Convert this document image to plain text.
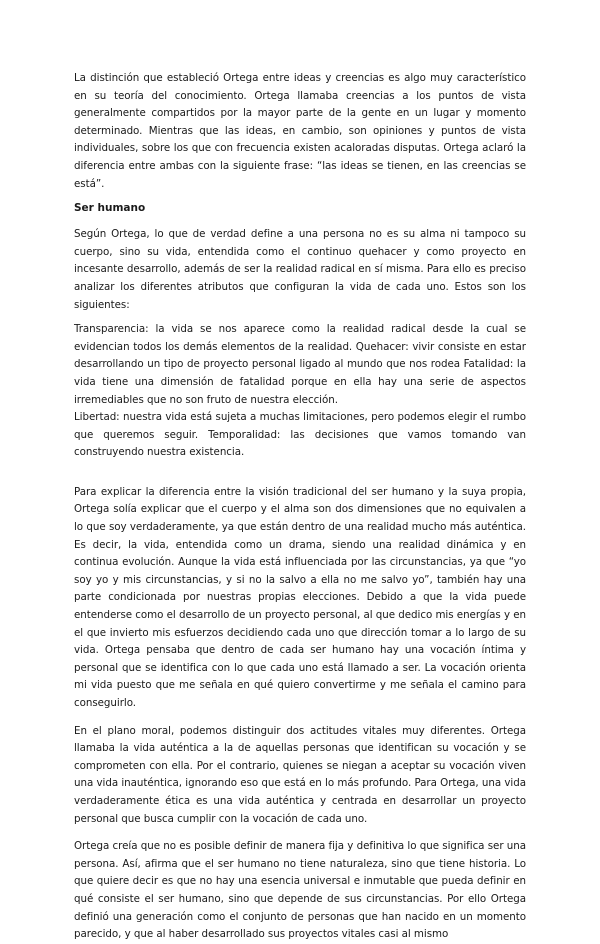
La distinción que estableció Ortega entre ideas y creencias es algo muy característico en su teoría del conocimiento. Ortega llamaba creencias a los puntos de vista generalmente compartidos por la mayor parte de la gente en un lugar y momento determinado. Mientras que las ideas, en cambio, son opiniones y puntos de vista individuales, sobre los que con frecuencia existen acaloradas disputas. Ortega aclaró la diferencia entre ambas con la siguiente frase: “las ideas se tienen, en las creencias se está”.

Ser humano

Según Ortega, lo que de verdad define a una persona no es su alma ni tampoco su cuerpo, sino su vida, entendida como el continuo quehacer y como proyecto en incesante desarrollo, además de ser la realidad radical en sí misma. Para ello es preciso analizar los diferentes atributos que configuran la vida de cada uno. Estos son los siguientes:

Transparencia: la vida se nos aparece como la realidad radical desde la cual se evidencian todos los demás elementos de la realidad. Quehacer: vivir consiste en estar desarrollando un tipo de proyecto personal ligado al mundo que nos rodea Fatalidad: la vida tiene una dimensión de fatalidad porque en ella hay una serie de aspectos irremediables que no son fruto de nuestra elección.

Libertad: nuestra vida está sujeta a muchas limitaciones, pero podemos elegir el rumbo que queremos seguir. Temporalidad: las decisiones que vamos tomando van construyendo nuestra existencia.

Para explicar la diferencia entre la visión tradicional del ser humano y la suya propia, Ortega solía explicar que el cuerpo y el alma son dos dimensiones que no equivalen a lo que soy verdaderamente, ya que están dentro de una realidad mucho más auténtica. Es decir, la vida, entendida como un drama, siendo una realidad dinámica y en continua evolución. Aunque la vida está influenciada por las circunstancias, ya que “yo soy yo y mis circunstancias, y si no la salvo a ella no me salvo yo”, también hay una parte condicionada por nuestras propias elecciones. Debido a que la vida puede entenderse como el desarrollo de un proyecto personal, al que dedico mis energías y en el que invierto mis esfuerzos decidiendo cada uno que dirección tomar a lo largo de su vida. Ortega pensaba que dentro de cada ser humano hay una vocación íntima y personal que se identifica con lo que cada uno está llamado a ser. La vocación orienta mi vida puesto que me señala en qué quiero convertirme y me señala el camino para conseguirlo.

En el plano moral, podemos distinguir dos actitudes vitales muy diferentes. Ortega llamaba la vida auténtica a la de aquellas personas que identifican su vocación y se comprometen con ella. Por el contrario, quienes se niegan a aceptar su vocación viven una vida inauténtica, ignorando eso que está en lo más profundo. Para Ortega, una vida verdaderamente ética es una vida auténtica y centrada en desarrollar un proyecto personal que busca cumplir con la vocación de cada uno.

Ortega creía que no es posible definir de manera fija y definitiva lo que significa ser una persona. Así, afirma que el ser humano no tiene naturaleza, sino que tiene historia. Lo que quiere decir es que no hay una esencia universal e inmutable que pueda definir en qué consiste el ser humano, sino que depende de sus circunstancias. Por ello Ortega definió una generación como el conjunto de personas que han nacido en un momento parecido, y que al haber desarrollado sus proyectos vitales casi al mismo
